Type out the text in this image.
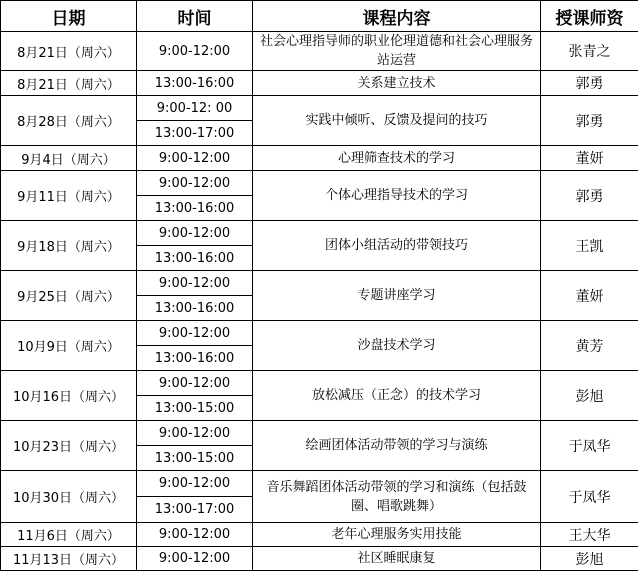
日期	时间	课程内容	授课师资
8月21日（周六）	9:00-12:00	社会心理指导师的职业伦理道德和社会心理服务站运营	张青之
8月21日（周六）	13:00-16:00	关系建立技术	郭勇
8月28日（周六）	9:00-12: 00	实践中倾听、反馈及提问的技巧	郭勇
	13:00-17:00		
9月4日（周六）	9:00-12:00	心理筛查技术的学习	董妍
9月11日（周六）	9:00-12:00	个体心理指导技术的学习	郭勇
	13:00-16:00		
9月18日（周六）	9:00-12:00	团体小组活动的带领技巧	王凯
	13:00-16:00		
9月25日（周六）	9:00-12:00	专题讲座学习	董妍
	13:00-16:00		
10月9日（周六）	9:00-12:00	沙盘技术学习	黄芳
	13:00-16:00		
10月16日（周六）	9:00-12:00	放松减压（正念）的技术学习	彭旭
	13:00-15:00		
10月23日（周六）	9:00-12:00	绘画团体活动带领的学习与演练	于凤华
	13:00-15:00		
10月30日（周六）	9:00-12:00	音乐舞蹈团体活动带领的学习和演练（包括鼓圈、唱歌跳舞）	于凤华
	13:00-17:00		
11月6日（周六）	9:00-12:00	老年心理服务实用技能	王大华
11月13日（周六）	9:00-12:00	社区睡眠康复	彭旭
